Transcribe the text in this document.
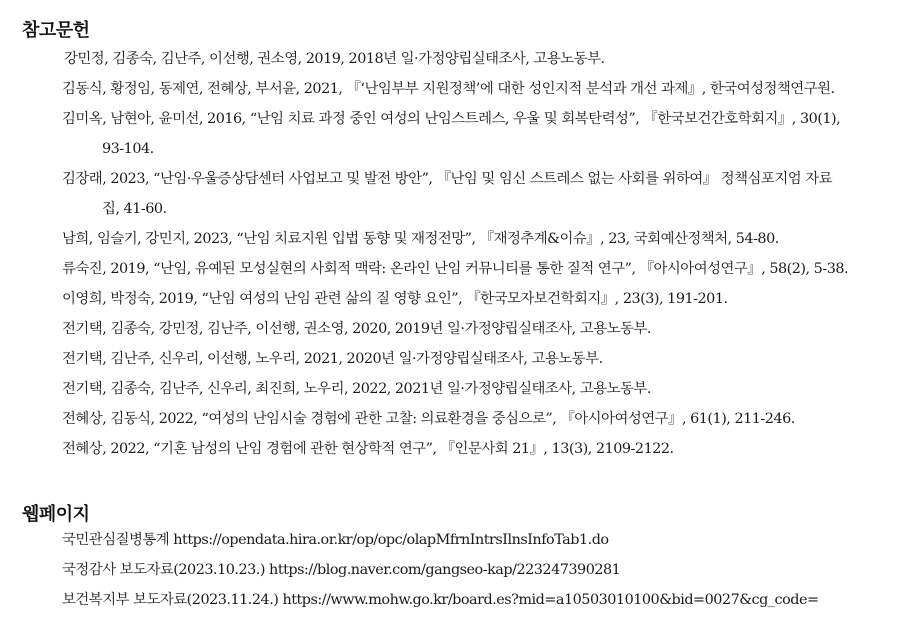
참고문헌
강민정, 김종숙, 김난주, 이선행, 권소영, 2019, 2018년 일·가정양립실태조사, 고용노동부.
김동식, 황정임, 동제연, 전혜상, 부서윤, 2021, 『‘난임부부 지원정책’에 대한 성인지적 분석과 개선 과제』, 한국여성정책연구원.
김미옥, 남현아, 윤미선, 2016, “난임 치료 과정 중인 여성의 난임스트레스, 우울 및 회복탄력성”, 『한국보건간호학회지』, 30(1),
93-104.
김장래, 2023, “난임·우울증상담센터 사업보고 및 발전 방안”, 『난임 및 임신 스트레스 없는 사회를 위하여』 정책심포지엄 자료
집, 41-60.
남희, 임슬기, 강민지, 2023, “난임 치료지원 입법 동향 및 재정전망”, 『재정추계&이슈』, 23, 국회예산정책처, 54-80.
류숙진, 2019, “난임, 유예된 모성실현의 사회적 맥락: 온라인 난임 커뮤니티를 통한 질적 연구”, 『아시아여성연구』, 58(2), 5-38.
이영희, 박정숙, 2019, “난임 여성의 난임 관련 삶의 질 영향 요인”, 『한국모자보건학회지』, 23(3), 191-201.
전기택, 김종숙, 강민정, 김난주, 이선행, 권소영, 2020, 2019년 일·가정양립실태조사, 고용노동부.
전기택, 김난주, 신우리, 이선행, 노우리, 2021, 2020년 일·가정양립실태조사, 고용노동부.
전기택, 김종숙, 김난주, 신우리, 최진희, 노우리, 2022, 2021년 일·가정양립실태조사, 고용노동부.
전혜상, 김동식, 2022, “여성의 난임시술 경험에 관한 고찰: 의료환경을 중심으로”, 『아시아여성연구』, 61(1), 211-246.
전혜상, 2022, “기혼 남성의 난임 경험에 관한 현상학적 연구”, 『인문사회 21』, 13(3), 2109-2122.
웹페이지
국민관심질병통계 https://opendata.hira.or.kr/op/opc/olapMfrnIntrsIlnsInfoTab1.do
국정감사 보도자료(2023.10.23.) https://blog.naver.com/gangseo-kap/223247390281
보건복지부 보도자료(2023.11.24.) https://www.mohw.go.kr/board.es?mid=a10503010100&bid=0027&cg_code=
